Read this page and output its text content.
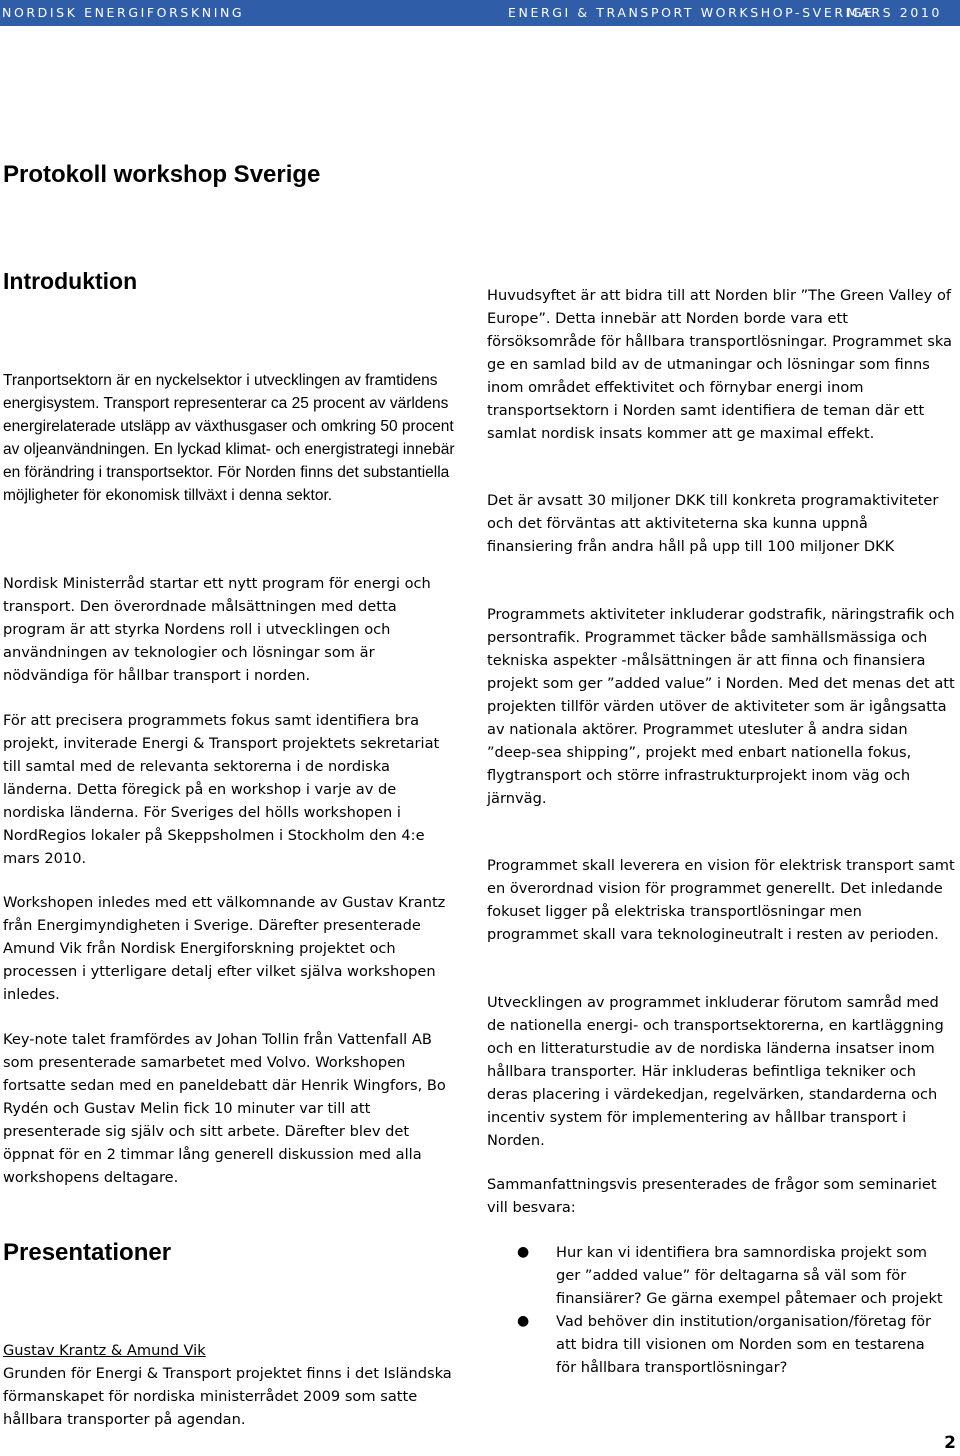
NORDISK ENERGIFORSKNING	ENERGI & TRANSPORT WORKSHOP-SVERIGE
MARS 2010
Protokoll workshop Sverige
Introduktion

Tranportsektorn är en nyckelsektor i utvecklingen av framtidens energisystem. Transport representerar ca 25 procent av världens energirelaterade utsläpp av växthusgaser och omkring 50 procent av oljeanvändningen. En lyckad klimat- och energistrategi innebär en förändring i transportsektor. För Norden finns det substantiella möjligheter för ekonomisk tillväxt i denna sektor.

Nordisk Ministerråd startar ett nytt program för energi och transport. Den överordnade målsättningen med detta program är att styrka Nordens roll i utvecklingen och användningen av teknologier och lösningar som är nödvändiga för hållbar transport i norden.

För att precisera programmets fokus samt identifiera bra projekt, inviterade Energi & Transport projektets sekretariat till samtal med de relevanta sektorerna i de nordiska länderna. Detta föregick på en workshop i varje av de nordiska länderna. För Sveriges del hölls workshopen i NordRegios lokaler på Skeppsholmen i Stockholm den 4:e mars 2010.

Workshopen inledes med ett välkomnande av Gustav Krantz från Energimyndigheten i Sverige. Därefter presenterade Amund Vik från Nordisk Energiforskning projektet och processen i ytterligare detalj efter vilket själva workshopen inledes.

Key-note talet framfördes av Johan Tollin från Vattenfall AB som presenterade samarbetet med Volvo. Workshopen fortsatte sedan med en paneldebatt där Henrik Wingfors, Bo Rydén och Gustav Melin fick 10 minuter var till att presenterade sig själv och sitt arbete. Därefter blev det öppnat för en 2 timmar lång generell diskussion med alla workshopens deltagare.

Presentationer

Gustav Krantz & Amund Vik

Grunden för Energi & Transport projektet finns i det Isländska förmanskapet för nordiska ministerrådet 2009 som satte hållbara transporter på agendan.

Huvudsyftet är att bidra till att Norden blir ”The Green Valley of Europe”. Detta innebär att Norden borde vara ett försöksområde för hållbara transportlösningar. Programmet ska ge en samlad bild av de utmaningar och lösningar som finns inom området effektivitet och förnybar energi inom transportsektorn i Norden samt identifiera de teman där ett samlat nordisk insats kommer att ge maximal effekt.

Det är avsatt 30 miljoner DKK till konkreta programaktiviteter och det förväntas att aktiviteterna ska kunna uppnå finansiering från andra håll på upp till 100 miljoner DKK

Programmets aktiviteter inkluderar godstrafik, näringstrafik och persontrafik. Programmet täcker både samhällsmässiga och tekniska aspekter -målsättningen är att finna och finansiera projekt som ger ”added value” i Norden. Med det menas det att projekten tillför värden utöver de aktiviteter som är igångsatta av nationala aktörer. Programmet utesluter å andra sidan ”deep-sea shipping”, projekt med enbart nationella fokus, flygtransport och större infrastrukturprojekt inom väg och järnväg.

Programmet skall leverera en vision för elektrisk transport samt en överordnad vision för programmet generellt. Det inledande fokuset ligger på elektriska transportlösningar men programmet skall vara teknologineutralt i resten av perioden.

Utvecklingen av programmet inkluderar förutom samråd med de nationella energi- och transportsektorerna, en kartläggning och en litteraturstudie av de nordiska länderna insatser inom hållbara transporter. Här inkluderas befintliga tekniker och deras placering i värdekedjan, regelvärken, standarderna och incentiv system för implementering av hållbar transport i Norden.

Sammanfattningsvis presenterades de frågor som seminariet vill besvara:

● Hur kan vi identifiera bra samnordiska projekt som ger ”added value” för deltagarna så väl som för finansiärer? Ge gärna exempel påtemaer och projekt
● Vad behöver din institution/organisation/företag för att bidra till visionen om Norden som en testarena för hållbara transportlösningar?
2
